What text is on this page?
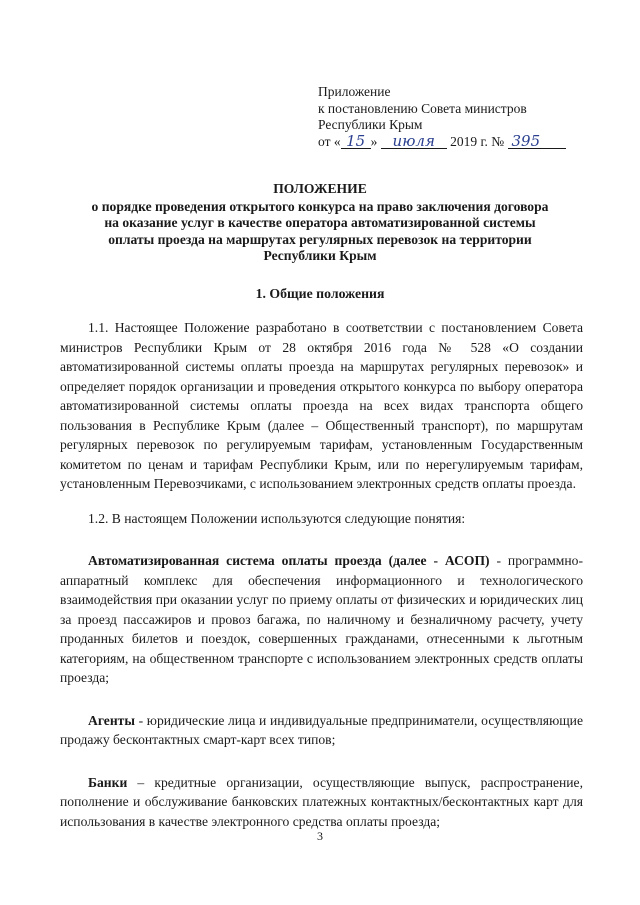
Приложение
к постановлению Совета министров
Республики Крым
от « 15 » июля 2019 г. № 395
ПОЛОЖЕНИЕ
о порядке проведения открытого конкурса на право заключения договора
на оказание услуг в качестве оператора автоматизированной системы
оплаты проезда на маршрутах регулярных перевозок на территории
Республики Крым
1. Общие положения

1.1. Настоящее Положение разработано в соответствии с постановлением Совета министров Республики Крым от 28 октября 2016 года № 528 «О создании автоматизированной системы оплаты проезда на маршрутах регулярных перевозок» и определяет порядок организации и проведения открытого конкурса по выбору оператора автоматизированной системы оплаты проезда на всех видах транспорта общего пользования в Республике Крым (далее – Общественный транспорт), по маршрутам регулярных перевозок по регулируемым тарифам, установленным Государственным комитетом по ценам и тарифам Республики Крым, или по нерегулируемым тарифам, установленным Перевозчиками, с использованием электронных средств оплаты проезда.

1.2. В настоящем Положении используются следующие понятия:

Автоматизированная система оплаты проезда (далее - АСОП) - программно-аппаратный комплекс для обеспечения информационного и технологического взаимодействия при оказании услуг по приему оплаты от физических и юридических лиц за проезд пассажиров и провоз багажа, по наличному и безналичному расчету, учету проданных билетов и поездок, совершенных гражданами, отнесенными к льготным категориям, на общественном транспорте с использованием электронных средств оплаты проезда;

Агенты - юридические лица и индивидуальные предприниматели, осуществляющие продажу бесконтактных смарт-карт всех типов;

Банки – кредитные организации, осуществляющие выпуск, распространение, пополнение и обслуживание банковских платежных контактных/бесконтактных карт для использования в качестве электронного средства оплаты проезда;

3
